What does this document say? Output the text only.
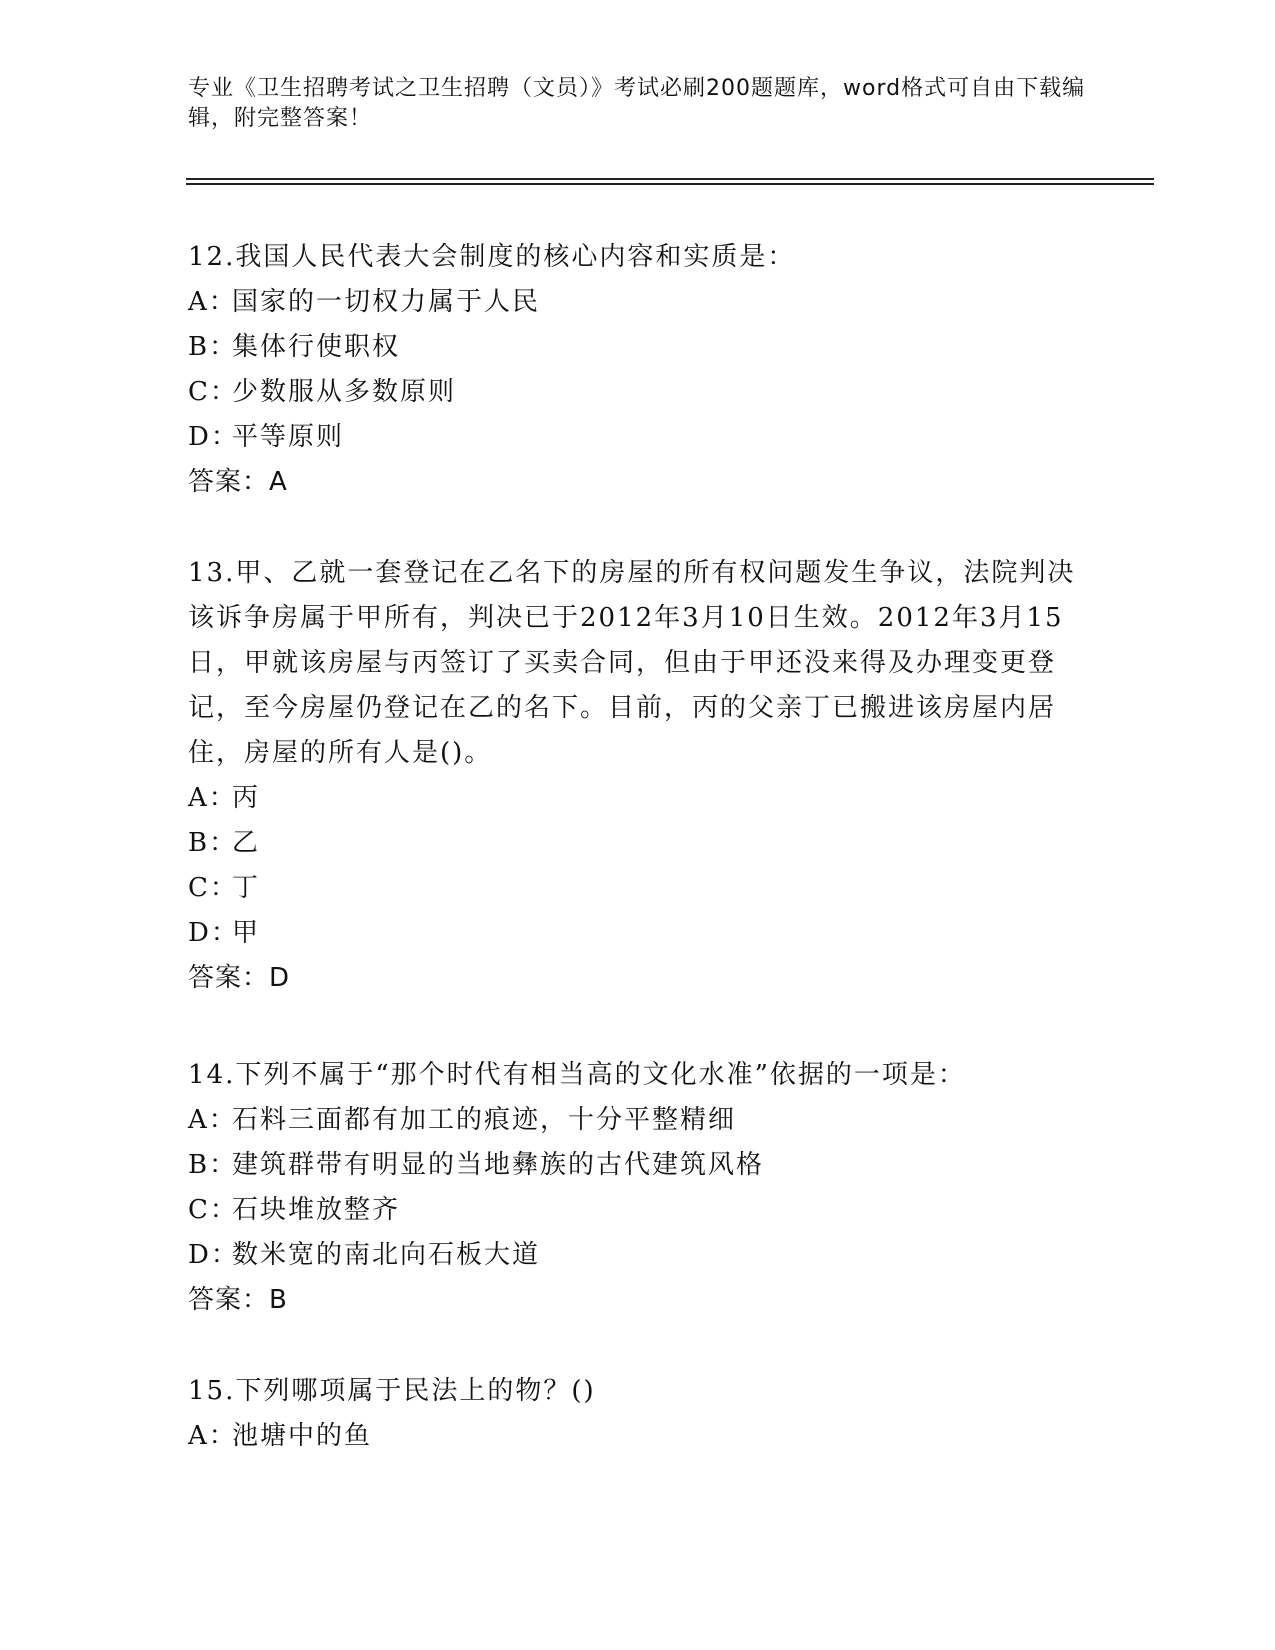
专业《卫生招聘考试之卫生招聘（文员）》考试必刷200题题库，word格式可自由下载编辑，附完整答案！

12.我国人民代表大会制度的核心内容和实质是：

A：国家的一切权力属于人民

B：集体行使职权

C：少数服从多数原则

D：平等原则

答案：A

13.甲、乙就一套登记在乙名下的房屋的所有权问题发生争议，法院判决该诉争房属于甲所有，判决已于2012年3月10日生效。2012年3月15日，甲就该房屋与丙签订了买卖合同，但由于甲还没来得及办理变更登记，至今房屋仍登记在乙的名下。目前，丙的父亲丁已搬进该房屋内居住，房屋的所有人是()。

A：丙

B：乙

C：丁

D：甲

答案：D

14.下列不属于“那个时代有相当高的文化水准”依据的一项是：

A：石料三面都有加工的痕迹，十分平整精细

B：建筑群带有明显的当地彝族的古代建筑风格

C：石块堆放整齐

D：数米宽的南北向石板大道

答案：B

15.下列哪项属于民法上的物？()

A：池塘中的鱼
